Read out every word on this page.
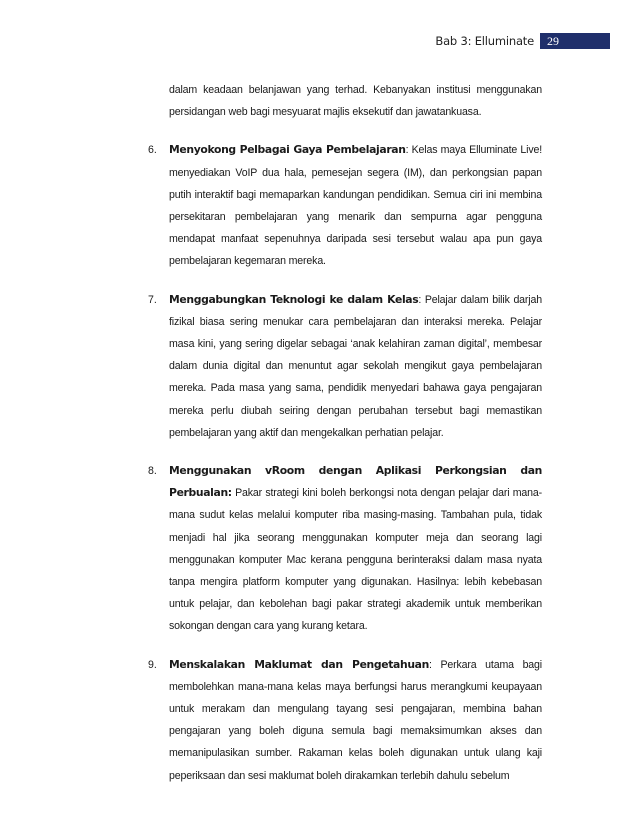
Bab 3: Elluminate	29
dalam keadaan belanjawan yang terhad. Kebanyakan institusi menggunakan persidangan web bagi mesyuarat majlis eksekutif dan jawatankuasa.
6.	Menyokong Pelbagai Gaya Pembelajaran: Kelas maya Elluminate Live! menyediakan VoIP dua hala, pemesejan segera (IM), dan perkongsian papan putih interaktif bagi memaparkan kandungan pendidikan. Semua ciri ini membina persekitaran pembelajaran yang menarik dan sempurna agar pengguna mendapat manfaat sepenuhnya daripada sesi tersebut walau apa pun gaya pembelajaran kegemaran mereka.
7.	Menggabungkan Teknologi ke dalam Kelas: Pelajar dalam bilik darjah fizikal biasa sering menukar cara pembelajaran dan interaksi mereka. Pelajar masa kini, yang sering digelar sebagai ‘anak kelahiran zaman digital’, membesar dalam dunia digital dan menuntut agar sekolah mengikut gaya pembelajaran mereka. Pada masa yang sama, pendidik menyedari bahawa gaya pengajaran mereka perlu diubah seiring dengan perubahan tersebut bagi memastikan pembelajaran yang aktif dan mengekalkan perhatian pelajar.
8.	Menggunakan vRoom dengan Aplikasi Perkongsian dan Perbualan: Pakar strategi kini boleh berkongsi nota dengan pelajar dari mana-mana sudut kelas melalui komputer riba masing-masing. Tambahan pula, tidak menjadi hal jika seorang menggunakan komputer meja dan seorang lagi menggunakan komputer Mac kerana pengguna berinteraksi dalam masa nyata tanpa mengira platform komputer yang digunakan. Hasilnya: lebih kebebasan untuk pelajar, dan kebolehan bagi pakar strategi akademik untuk memberikan sokongan dengan cara yang kurang ketara.
9.	Menskalakan Maklumat dan Pengetahuan: Perkara utama bagi membolehkan mana-mana kelas maya berfungsi harus merangkumi keupayaan untuk merakam dan mengulang tayang sesi pengajaran, membina bahan pengajaran yang boleh diguna semula bagi memaksimumkan akses dan memanipulasikan sumber. Rakaman kelas boleh digunakan untuk ulang kaji peperiksaan dan sesi maklumat boleh dirakamkan terlebih dahulu sebelum
